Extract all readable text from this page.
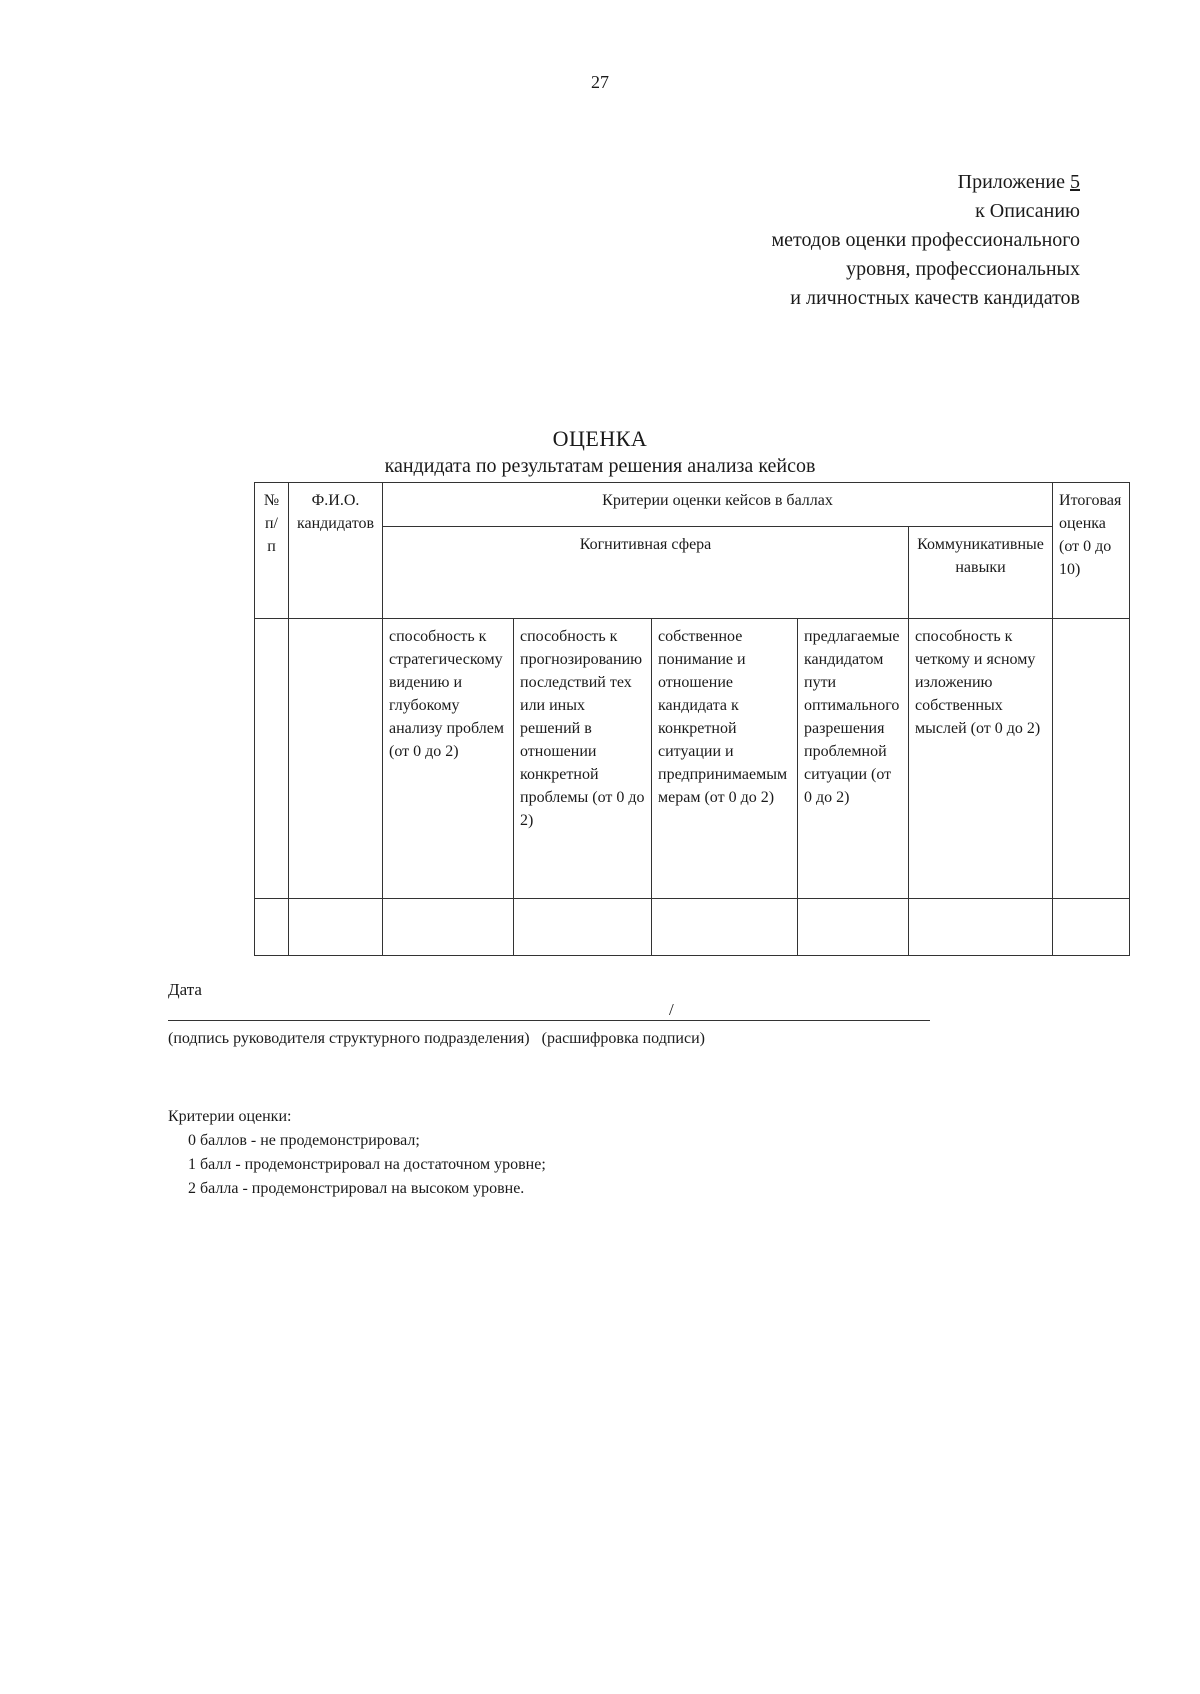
27
Приложение 5
к Описанию
методов оценки профессионального
уровня, профессиональных
и личностных качеств кандидатов
ОЦЕНКА
кандидата по результатам решения анализа кейсов
№ п/п	Ф.И.О. кандидатов	Критерии оценки кейсов в баллах					Итоговая оценка (от 0 до 10)
		Когнитивная сфера				Коммуникативные навыки	
		способность к стратегическому видению и глубокому анализу проблем (от 0 до 2)	способность к прогнозированию последствий тех или иных решений в отношении конкретной проблемы (от 0 до 2)	собственное понимание и отношение кандидата к конкретной ситуации и предпринимаемым мерам (от 0 до 2)	предлагаемые кандидатом пути оптимального разрешения проблемной ситуации (от 0 до 2)	способность к четкому и ясному изложению собственных мыслей (от 0 до 2)	

Дата
/
(подпись руководителя структурного подразделения) (расшифровка подписи)
Критерии оценки:
0 баллов - не продемонстрировал;
1 балл - продемонстрировал на достаточном уровне;
2 балла - продемонстрировал на высоком уровне.
